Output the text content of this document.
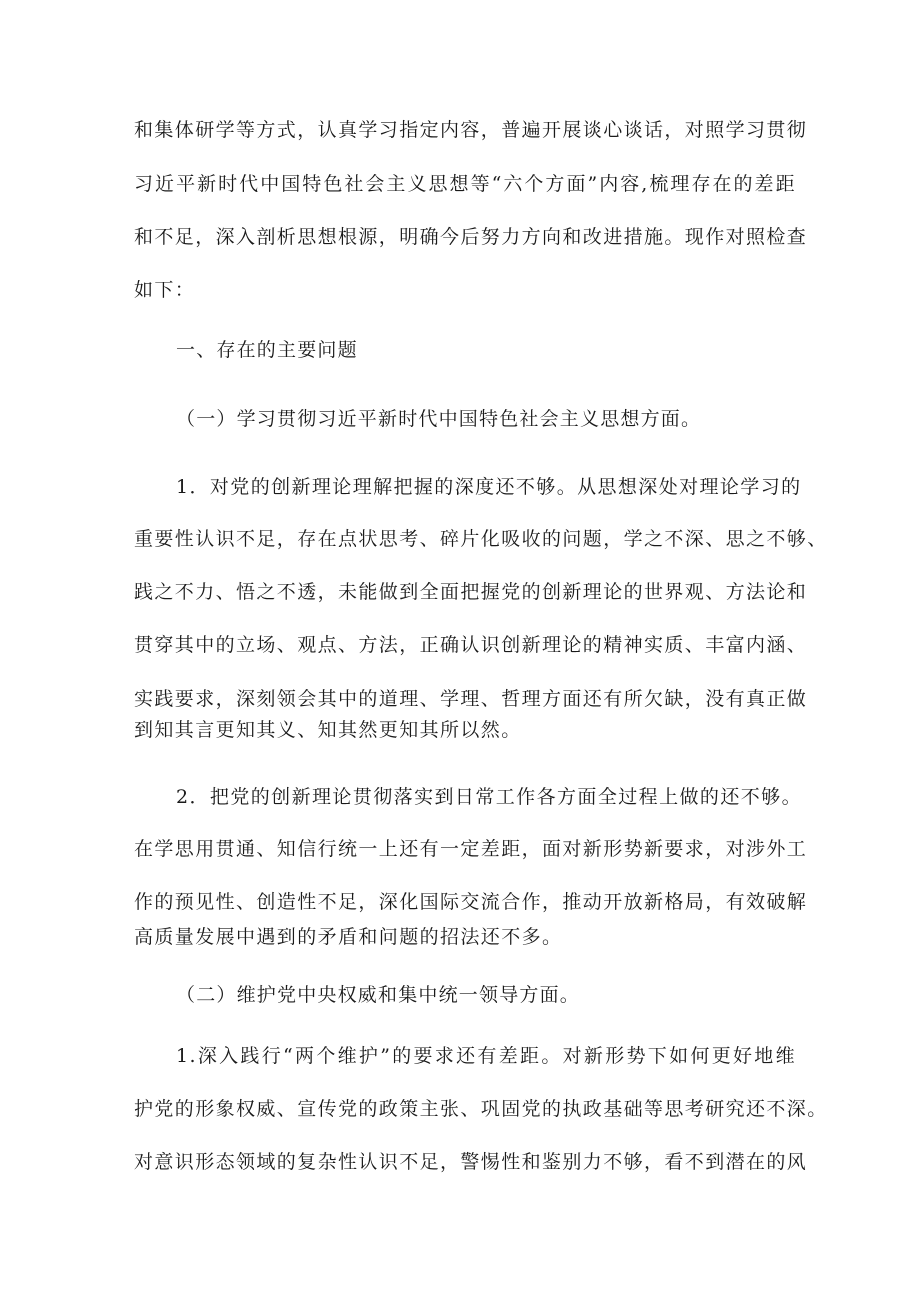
和集体研学等方式，认真学习指定内容，普遍开展谈心谈话，对照学习贯彻
习近平新时代中国特色社会主义思想等“六个方面”内容,梳理存在的差距
和不足，深入剖析思想根源，明确今后努力方向和改进措施。现作对照检查
如下：
一、存在的主要问题
（一）学习贯彻习近平新时代中国特色社会主义思想方面。
1．对党的创新理论理解把握的深度还不够。从思想深处对理论学习的
重要性认识不足，存在点状思考、碎片化吸收的问题，学之不深、思之不够、
践之不力、悟之不透，未能做到全面把握党的创新理论的世界观、方法论和
贯穿其中的立场、观点、方法，正确认识创新理论的精神实质、丰富内涵、
实践要求，深刻领会其中的道理、学理、哲理方面还有所欠缺，没有真正做
到知其言更知其义、知其然更知其所以然。
2．把党的创新理论贯彻落实到日常工作各方面全过程上做的还不够。
在学思用贯通、知信行统一上还有一定差距，面对新形势新要求，对涉外工
作的预见性、创造性不足，深化国际交流合作，推动开放新格局，有效破解
高质量发展中遇到的矛盾和问题的招法还不多。
（二）维护党中央权威和集中统一领导方面。
1.深入践行“两个维护”的要求还有差距。对新形势下如何更好地维
护党的形象权威、宣传党的政策主张、巩固党的执政基础等思考研究还不深。
对意识形态领域的复杂性认识不足，警惕性和鉴别力不够，看不到潜在的风
